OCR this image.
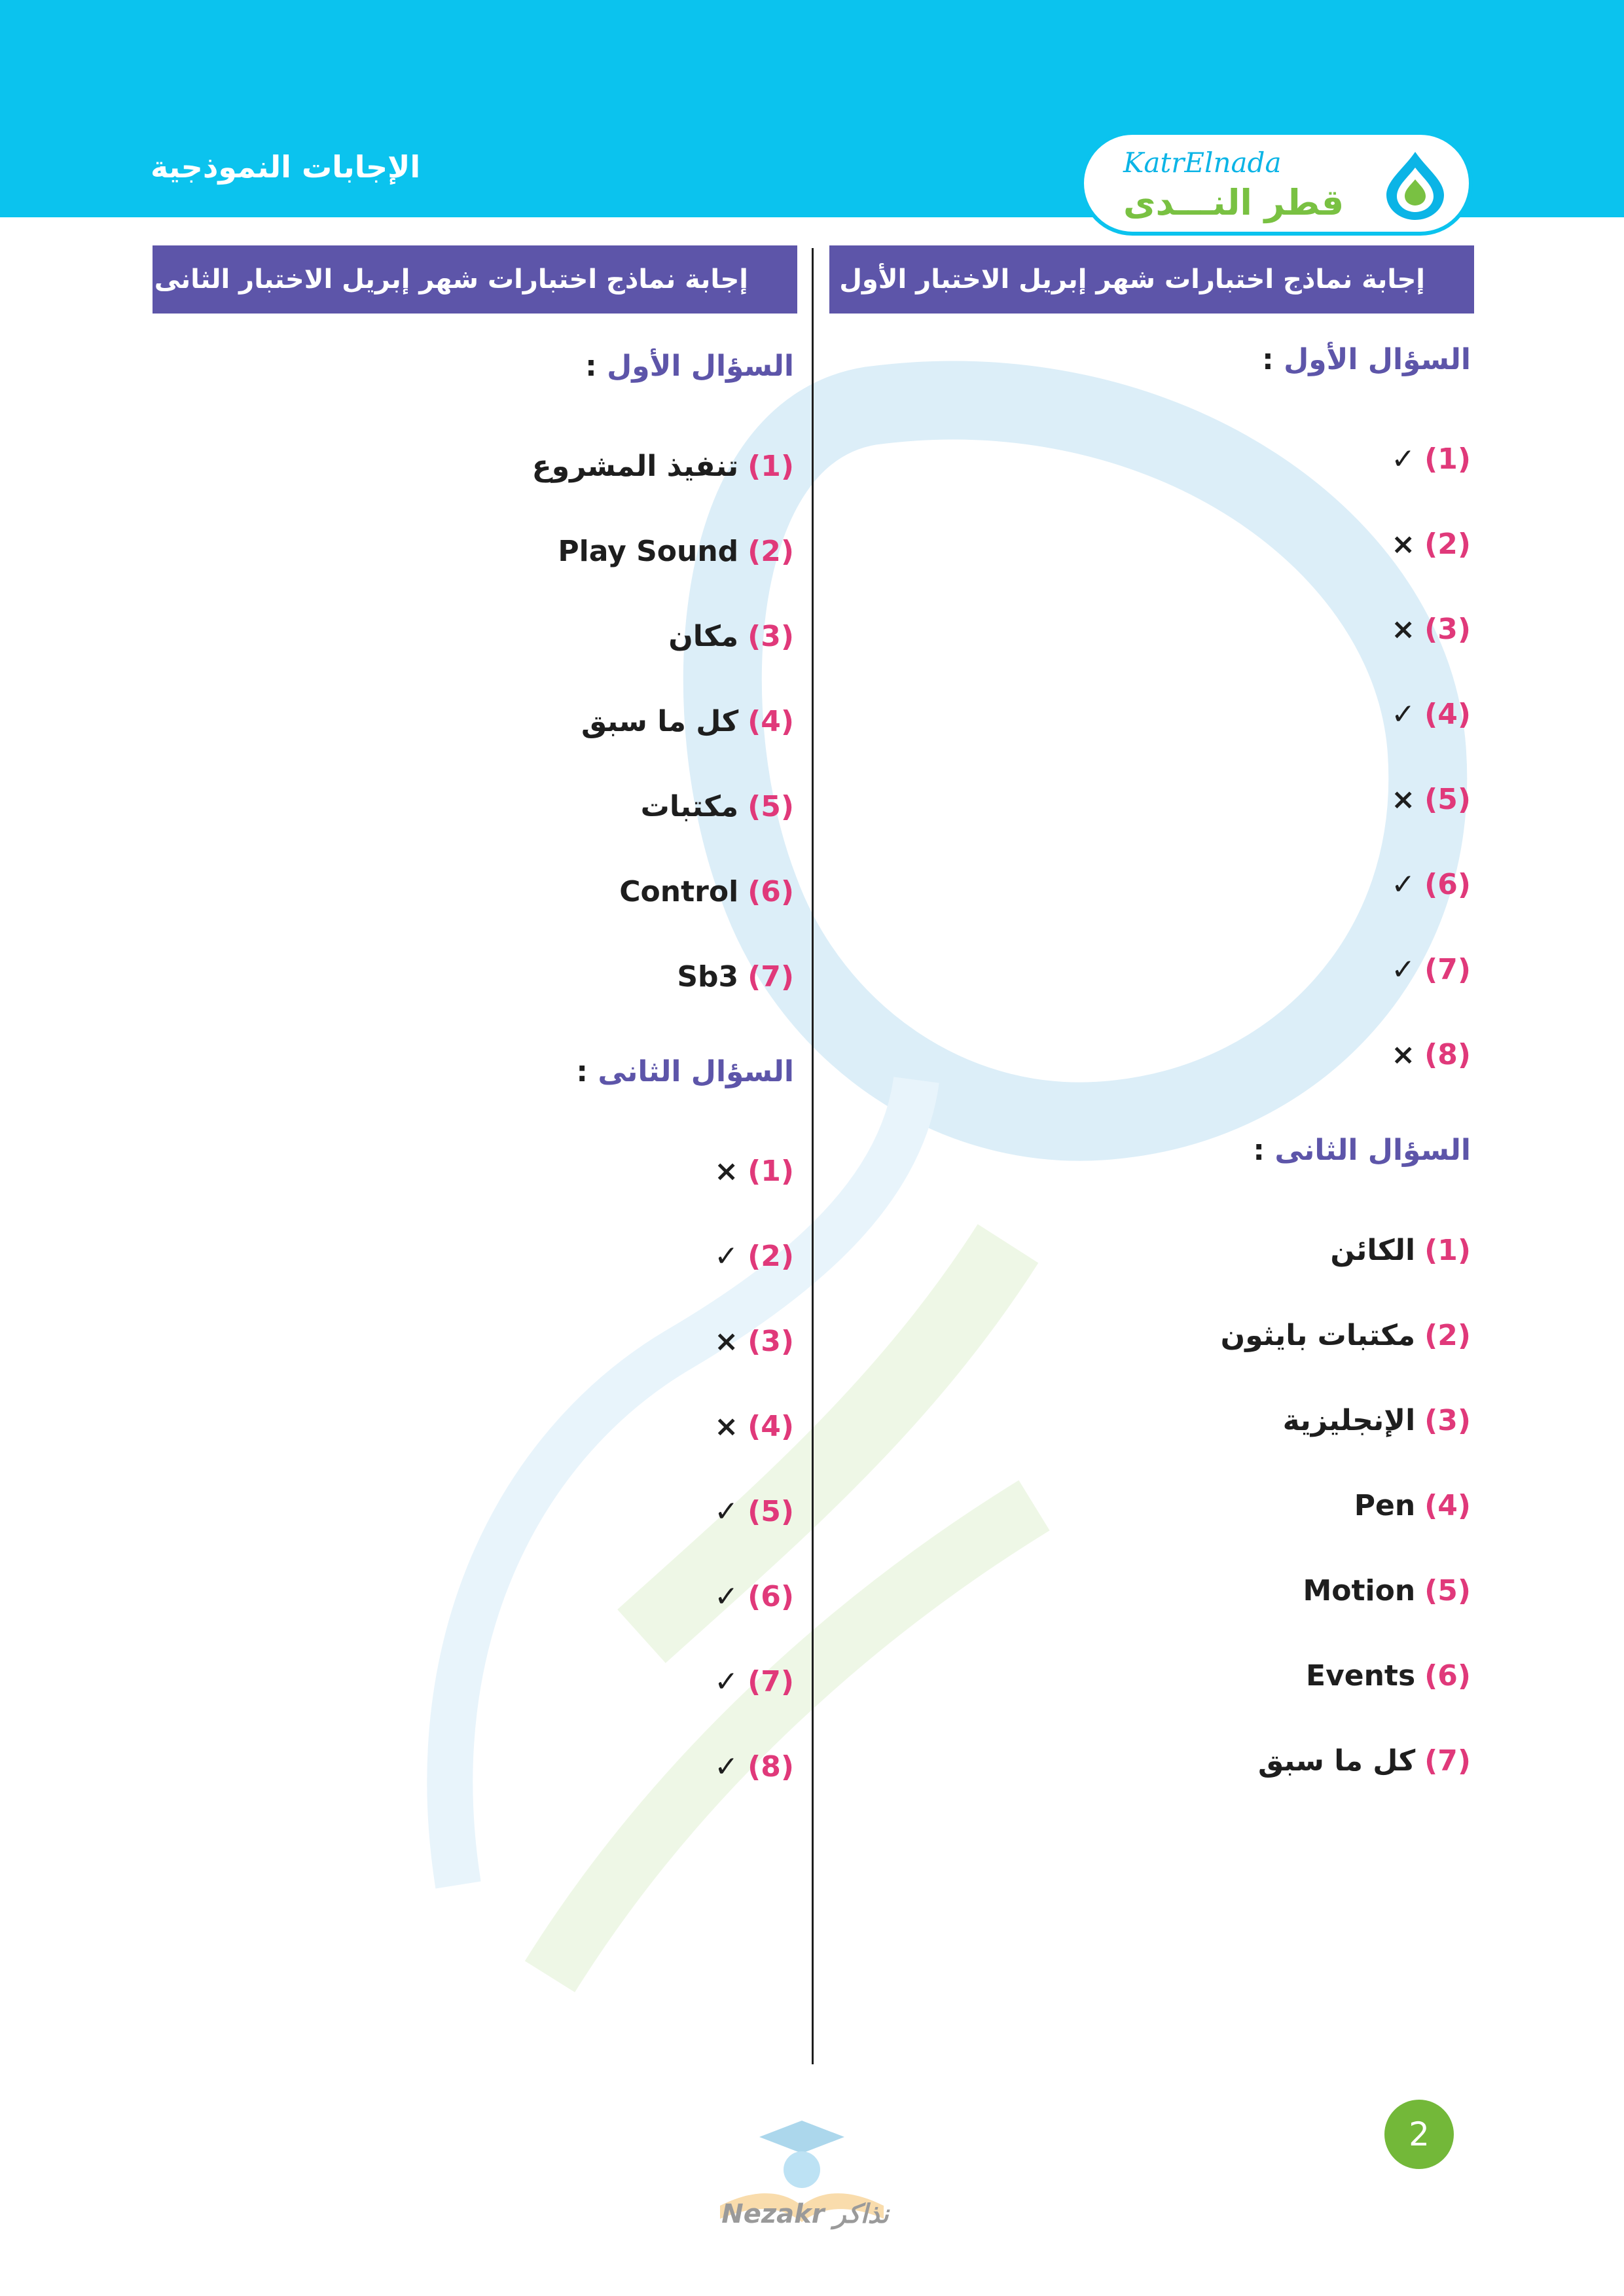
الإجابات النموذجية	KatrElnada
قطر النـــدى
إجابة نماذج اختبارات شهر إبريل الاختبار الأول
إجابة نماذج اختبارات شهر إبريل الاختبار الثانى
السؤال الأول :
(1) ✓
(2) ×
(3) ×
(4) ✓
(5) ×
(6) ✓
(7) ✓
(8) ×
السؤال الثانى :
(1) الكائن
(2) مكتبات بايثون
(3) الإنجليزية
(4) Pen
(5) Motion
(6) Events
(7) كل ما سبق
السؤال الأول :
(1) تنفيذ المشروع
(2) Play Sound
(3) مكان
(4) كل ما سبق
(5) مكتبات
(6) Control
(7) Sb3
السؤال الثانى :
(1) ×
(2) ✓
(3) ×
(4) ×
(5) ✓
(6) ✓
(7) ✓
(8) ✓
Nezakr نذاكر
2
